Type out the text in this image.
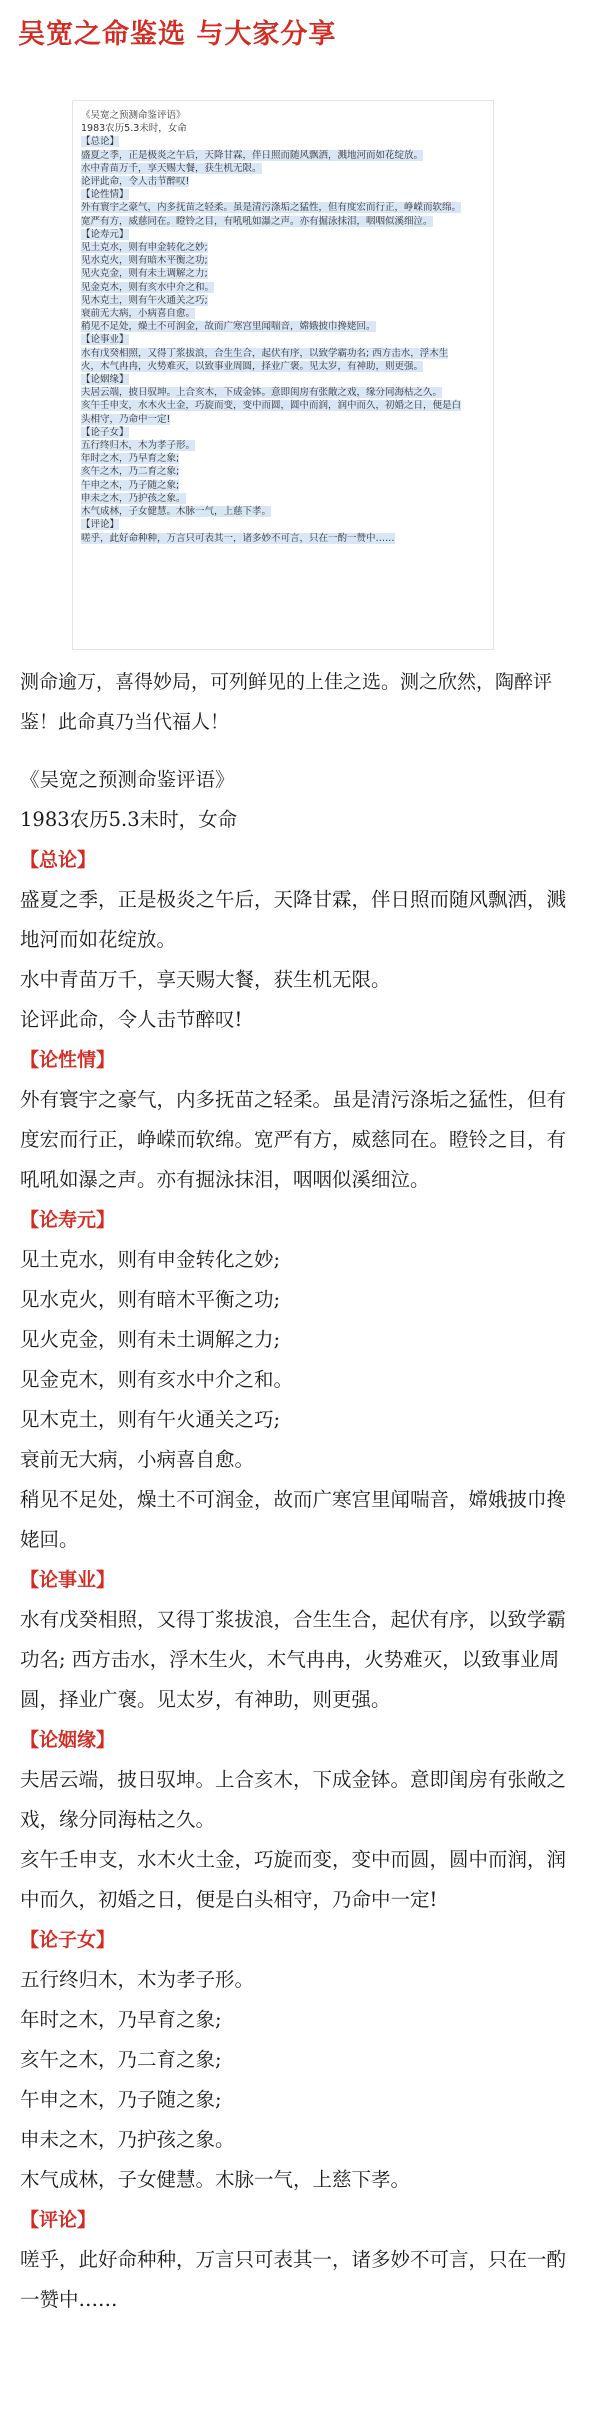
吴宽之命鉴选 与大家分享
《吴宽之预测命鉴评语》
1983农历5.3未时，女命
【总论】
盛夏之季，正是极炎之午后，天降甘霖，伴日照而随风飘洒，溅地河而如花绽放。
水中青苗万千，享天赐大餐，获生机无限。
论评此命，令人击节醉叹!
【论性情】
外有寰宇之豪气，内多抚苗之轻柔。虽是清污涤垢之猛性，但有度宏而行正，峥嵘而软绵。
宽严有方，威慈同在。瞪铃之目，有吼吼如瀑之声。亦有掘泳抹泪，咽咽似溪细泣。
【论寿元】
见土克水，则有申金转化之妙;
见水克火，则有暗木平衡之功;
见火克金，则有未土调解之力;
见金克木，则有亥水中介之和。
见木克土，则有午火通关之巧;
衰前无大病，小病喜自愈。
稍见不足处，燥土不可润金，故而广寒宫里闻喘音，嫦娥披巾搀姥回。
【论事业】
水有戊癸相照，又得丁浆拔浪，合生生合，起伏有序，以致学霸功名; 西方击水，浮木生
火，木气冉冉，火势难灭，以致事业周圆，择业广褒。见太岁，有神助，则更强。
【论姻缘】
夫居云端，披日驭坤。上合亥木，下成金钵。意即闺房有张敞之戏，缘分同海枯之久。
亥午壬申支，水木火土金，巧旋而变，变中而圆，圆中而润，润中而久，初婚之日，便是白
头相守，乃命中一定!
【论子女】
五行终归木，木为孝子形。
年时之木，乃早育之象;
亥午之木，乃二育之象;
午申之木，乃子随之象;
申未之木，乃护孩之象。
木气成林，子女健慧。木脉一气，上慈下孝。
【评论】
嗟乎，此好命种种，万言只可表其一，诸多妙不可言，只在一酌一赞中……
测命逾万，喜得妙局，可列鲜见的上佳之选。测之欣然，陶醉评鉴！此命真乃当代福人！

《吴宽之预测命鉴评语》

1983农历5.3未时，女命

【总论】

盛夏之季，正是极炎之午后，天降甘霖，伴日照而随风飘洒，溅地河而如花绽放。

水中青苗万千，享天赐大餐，获生机无限。

论评此命，令人击节醉叹!

【论性情】

外有寰宇之豪气，内多抚苗之轻柔。虽是清污涤垢之猛性，但有度宏而行正，峥嵘而软绵。宽严有方，威慈同在。瞪铃之目，有吼吼如瀑之声。亦有掘泳抹泪，咽咽似溪细泣。

【论寿元】

见土克水，则有申金转化之妙;

见水克火，则有暗木平衡之功;

见火克金，则有未土调解之力;

见金克木，则有亥水中介之和。

见木克土，则有午火通关之巧;

衰前无大病，小病喜自愈。

稍见不足处，燥土不可润金，故而广寒宫里闻喘音，嫦娥披巾搀姥回。

【论事业】

水有戊癸相照，又得丁浆拔浪，合生生合，起伏有序，以致学霸功名; 西方击水，浮木生火，木气冉冉，火势难灭，以致事业周圆，择业广褒。见太岁，有神助，则更强。

【论姻缘】

夫居云端，披日驭坤。上合亥木，下成金钵。意即闺房有张敞之戏，缘分同海枯之久。

亥午壬申支，水木火土金，巧旋而变，变中而圆，圆中而润，润中而久，初婚之日，便是白头相守，乃命中一定!

【论子女】

五行终归木，木为孝子形。

年时之木，乃早育之象;

亥午之木，乃二育之象;

午申之木，乃子随之象;

申未之木，乃护孩之象。

木气成林，子女健慧。木脉一气，上慈下孝。

【评论】

嗟乎，此好命种种，万言只可表其一，诸多妙不可言，只在一酌一赞中……
